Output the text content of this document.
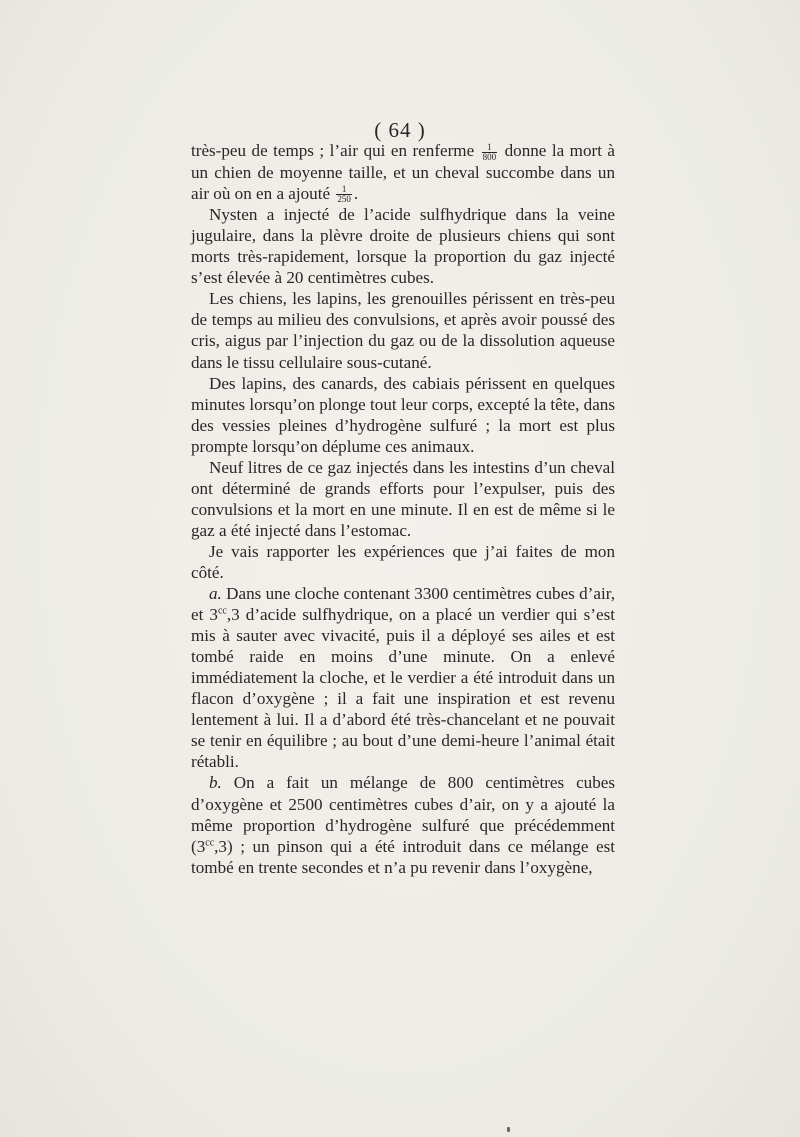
( 64 )

très-peu de temps ; l’air qui en renferme $\frac{1}{800}$ donne la mort à un chien de moyenne taille, et un cheval succombe dans un air où on en a ajouté $\frac{1}{250}$ .

Nysten a injecté de l’acide sulfhydrique dans la veine jugulaire, dans la plèvre droite de plusieurs chiens qui sont morts très-rapidement, lorsque la proportion du gaz injecté s’est élevée à 20 centimètres cubes.

Les chiens, les lapins, les grenouilles périssent en très-peu de temps au milieu des convulsions, et après avoir poussé des cris, aigus par l’injection du gaz ou de la dissolution aqueuse dans le tissu cellulaire sous-cutané.

Des lapins, des canards, des cabiais périssent en quelques minutes lorsqu’on plonge tout leur corps, excepté la tête, dans des vessies pleines d’hydrogène sulfuré ; la mort est plus prompte lorsqu’on déplume ces animaux.

Neuf litres de ce gaz injectés dans les intestins d’un cheval ont déterminé de grands efforts pour l’expulser, puis des convulsions et la mort en une minute. Il en est de même si le gaz a été injecté dans l’estomac.

Je vais rapporter les expériences que j’ai faites de mon côté.

a. Dans une cloche contenant 3300 centimètres cubes d’air, et $3^{cc},3$ d’acide sulfhydrique, on a placé un verdier qui s’est mis à sauter avec vivacité, puis il a déployé ses ailes et est tombé raide en moins d’une minute. On a enlevé immédiatement la cloche, et le verdier a été introduit dans un flacon d’oxygène ; il a fait une inspiration et est revenu lentement à lui. Il a d’abord été très-chancelant et ne pouvait se tenir en équilibre ; au bout d’une demi-heure l’animal était rétabli.

b. On a fait un mélange de 800 centimètres cubes d’oxygène et 2500 centimètres cubes d’air, on y a ajouté la même proportion d’hydrogène sulfuré que précédemment $(3^{cc},3)$ ; un pinson qui a été introduit dans ce mélange est tombé en trente secondes et n’a pu revenir dans l’oxygène,
